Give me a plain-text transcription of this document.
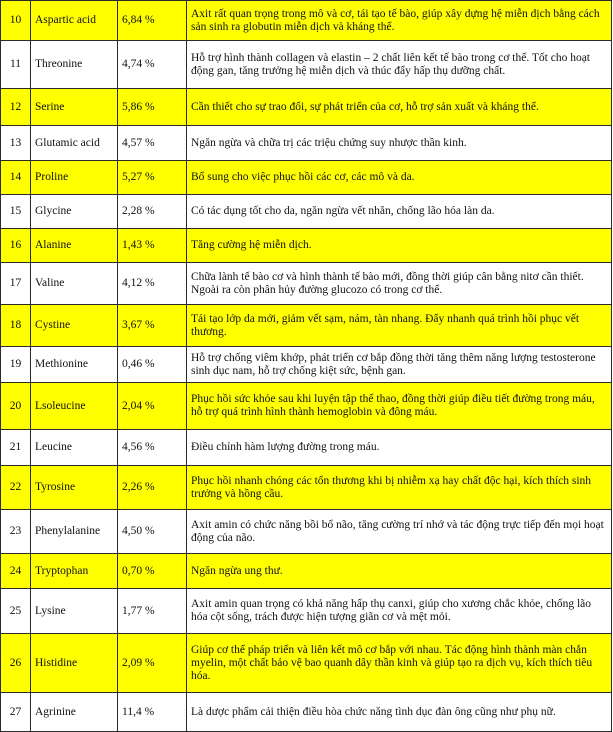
10	Aspartic acid	6,84 %	Axit rất quan trọng trong mô và cơ, tái tạo tế bào, giúp xây dựng hệ miễn dịch bằng cách sản sinh ra globutin miễn dịch và kháng thể.
11	Threonine	4,74 %	Hỗ trợ hình thành collagen và elastin – 2 chất liên kết tế bào trong cơ thể. Tốt cho hoạt động gan, tăng trưởng hệ miễn dịch và thúc đẩy hấp thụ dưỡng chất.
12	Serine	5,86 %	Cần thiết cho sự trao đổi, sự phát triển của cơ, hỗ trợ sản xuất và kháng thể.
13	Glutamic acid	4,57 %	Ngăn ngừa và chữa trị các triệu chứng suy nhược thần kinh.
14	Proline	5,27 %	Bổ sung cho việc phục hồi các cơ, các mô và da.
15	Glycine	2,28 %	Có tác dụng tốt cho da, ngăn ngừa vết nhăn, chống lão hóa làn da.
16	Alanine	1,43 %	Tăng cường hệ miễn dịch.
17	Valine	4,12 %	Chữa lành tế bào cơ và hình thành tế bào mới, đồng thời giúp cân bằng nitơ cần thiết. Ngoài ra còn phân hủy đường glucozo có trong cơ thể.
18	Cystine	3,67 %	Tái tạo lớp da mới, giảm vết sạm, nám, tàn nhang. Đẩy nhanh quá trình hồi phục vết thương.
19	Methionine	0,46 %	Hỗ trợ chống viêm khớp, phát triển cơ bắp đồng thời tăng thêm năng lượng testosterone sinh dục nam, hỗ trợ chống kiệt sức, bệnh gan.
20	Lsoleucine	2,04 %	Phục hồi sức khỏe sau khi luyện tập thể thao, đồng thời giúp điều tiết đường trong máu, hỗ trợ quá trình hình thành hemoglobin và đông máu.
21	Leucine	4,56 %	Điều chỉnh hàm lượng đường trong máu.
22	Tyrosine	2,26 %	Phục hồi nhanh chóng các tổn thương khi bị nhiễm xạ hay chất độc hại, kích thích sinh trưởng và hồng cầu.
23	Phenylalanine	4,50 %	Axit amin có chức năng bồi bổ não, tăng cường trí nhớ và tác động trực tiếp đến mọi hoạt động của não.
24	Tryptophan	0,70 %	Ngăn ngừa ung thư.
25	Lysine	1,77 %	Axit amin quan trọng có khả năng hấp thụ canxi, giúp cho xương chắc khỏe, chống lão hóa cột sống, trách được hiện tượng giãn cơ và mệt mỏi.
26	Histidine	2,09 %	Giúp cơ thể pháp triển và liên kết mô cơ bắp với nhau. Tác động hình thành màn chắn myelin, một chất bảo vệ bao quanh dây thần kinh và giúp tạo ra dịch vụ, kích thích tiêu hóa.
27	Agrinine	11,4 %	Là dược phẩm cải thiện điều hòa chức năng tình dục đàn ông cũng như phụ nữ.
